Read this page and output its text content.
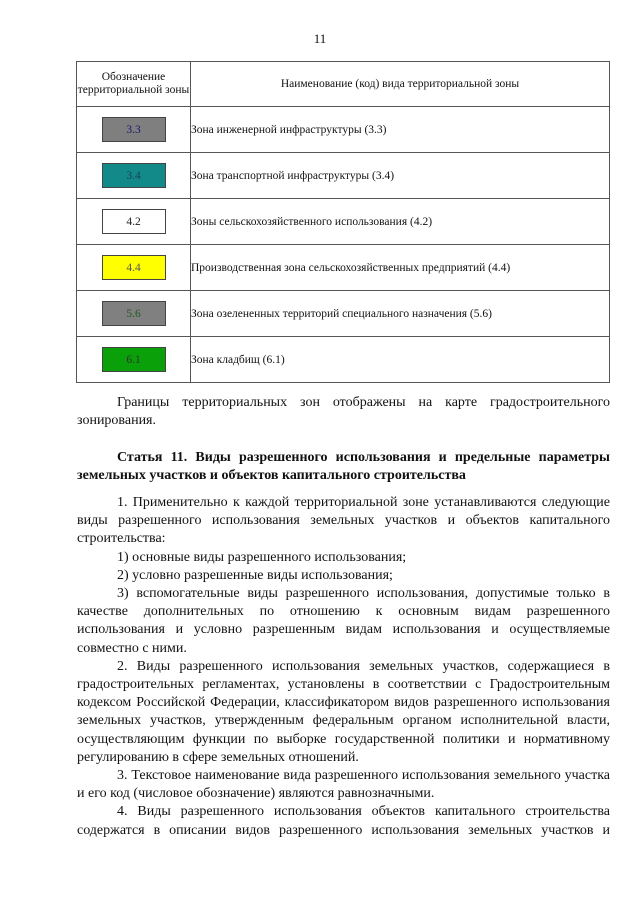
11
Обозначение территориальной зоны	Наименование (код) вида территориальной зоны
3.3	Зона инженерной инфраструктуры (3.3)
3.4	Зона транспортной инфраструктуры (3.4)
4.2	Зоны сельскохозяйственного использования (4.2)
4.4	Производственная зона сельскохозяйственных предприятий (4.4)
5.6	Зона озелененных территорий специального назначения (5.6)
6.1	Зона кладбищ (6.1)

Границы территориальных зон отображены на карте градостроительного зонирования.

Статья 11. Виды разрешенного использования и предельные параметры земельных участков и объектов капитального строительства

1. Применительно к каждой территориальной зоне устанавливаются следующие виды разрешенного использования земельных участков и объектов капитального строительства:

1) основные виды разрешенного использования;

2) условно разрешенные виды использования;

3) вспомогательные виды разрешенного использования, допустимые только в качестве дополнительных по отношению к основным видам разрешенного использования и условно разрешенным видам использования и осуществляемые совместно с ними.

2. Виды разрешенного использования земельных участков, содержащиеся в градостроительных регламентах, установлены в соответствии с Градостроительным кодексом Российской Федерации, классификатором видов разрешенного использования земельных участков, утвержденным федеральным органом исполнительной власти, осуществляющим функции по выборке государственной политики и нормативному регулированию в сфере земельных отношений.

3. Текстовое наименование вида разрешенного использования земельного участка и его код (числовое обозначение) являются равнозначными.

4. Виды разрешенного использования объектов капитального строительства содержатся в описании видов разрешенного использования земельных участков и
